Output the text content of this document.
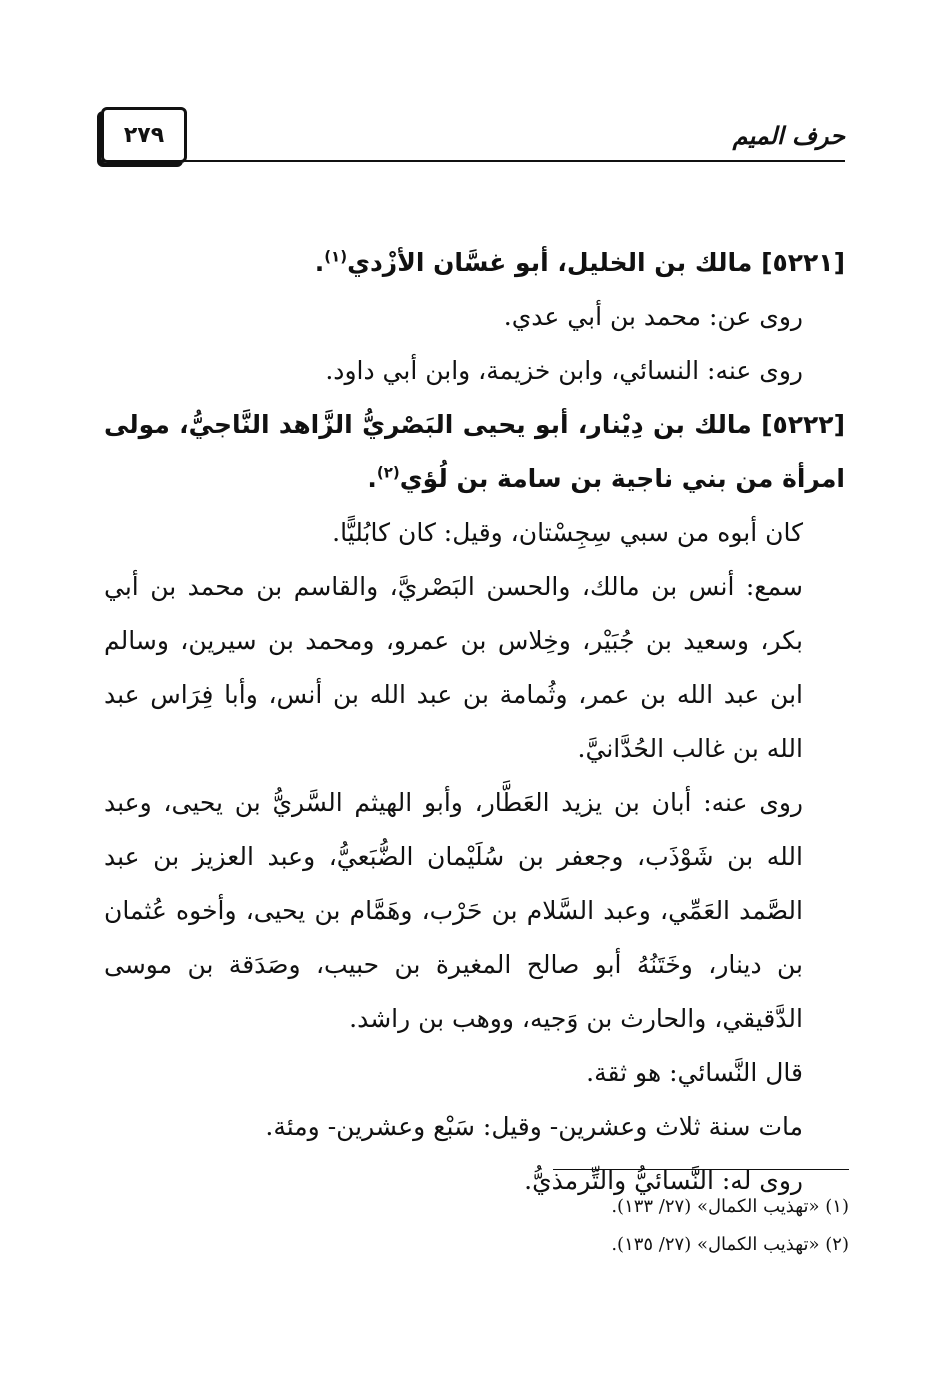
٢٧٩	حرف الميم

[٥٢٢١] مالك بن الخليل، أبو غسَّان الأزْدي$^{(١)}$.

روى عن: محمد بن أبي عدي.

روى عنه: النسائي، وابن خزيمة، وابن أبي داود.

[٥٢٢٢] مالك بن دِيْنار، أبو يحيى البَصْريُّ الزَّاهد النَّاجيُّ، مولى امرأة من بني ناجية بن سامة بن لُؤي$^{(٢)}$.

كان أبوه من سبي سِجِسْتان، وقيل: كان كابُليًّا.

سمع: أنس بن مالك، والحسن البَصْريَّ، والقاسم بن محمد بن أبي بكر، وسعيد بن جُبَيْر، وخِلاس بن عمرو، ومحمد بن سيرين، وسالم ابن عبد الله بن عمر، وثُمامة بن عبد الله بن أنس، وأبا فِرَاس عبد الله بن غالب الحُدَّانيَّ.

روى عنه: أبان بن يزيد العَطَّار، وأبو الهيثم السَّريُّ بن يحيى، وعبد الله بن شَوْذَب، وجعفر بن سُلَيْمان الضُّبَعيُّ، وعبد العزيز بن عبد الصَّمد العَمِّي، وعبد السَّلام بن حَرْب، وهَمَّام بن يحيى، وأخوه عُثمان بن دينار، وخَتَنُهُ أبو صالح المغيرة بن حبيب، وصَدَقة بن موسى الدَّقيقي، والحارث بن وَجيه، ووهب بن راشد.

قال النَّسائي: هو ثقة.

مات سنة ثلاث وعشرين- وقيل: سَبْع وعشرين- ومئة.

روى له: النَّسائيُّ والتِّرمذيُّ.

(١) «تهذيب الكمال» (٢٧/ ١٣٣).

(٢) «تهذيب الكمال» (٢٧/ ١٣٥).
